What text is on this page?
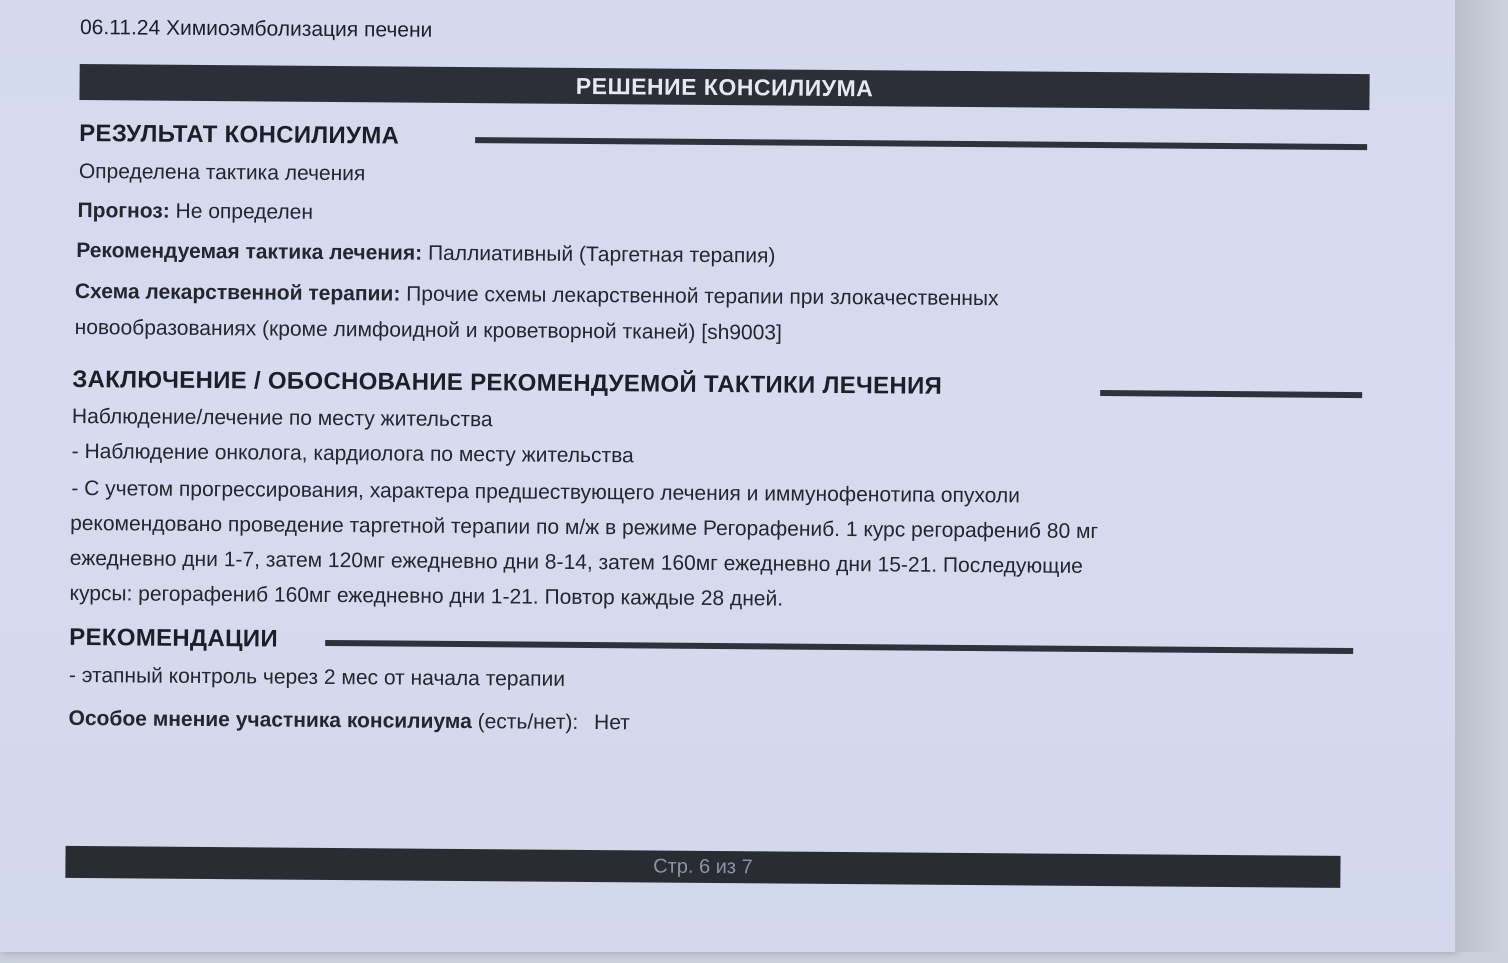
06.11.24 Химиоэмболизация печени
РЕШЕНИЕ КОНСИЛИУМА
РЕЗУЛЬТАТ КОНСИЛИУМА
Определена тактика лечения
Прогноз: Не определен
Рекомендуемая тактика лечения: Паллиативный (Таргетная терапия)
Схема лекарственной терапии: Прочие схемы лекарственной терапии при злокачественных
новообразованиях (кроме лимфоидной и кроветворной тканей) [sh9003]
ЗАКЛЮЧЕНИЕ / ОБОСНОВАНИЕ РЕКОМЕНДУЕМОЙ ТАКТИКИ ЛЕЧЕНИЯ
Наблюдение/лечение по месту жительства
- Наблюдение онколога, кардиолога по месту жительства
- С учетом прогрессирования, характера предшествующего лечения и иммунофенотипа опухоли
рекомендовано проведение таргетной терапии по м/ж в режиме Регорафениб. 1 курс регорафениб 80 мг
ежедневно дни 1-7, затем 120мг ежедневно дни 8-14, затем 160мг ежедневно дни 15-21. Последующие
курсы: регорафениб 160мг ежедневно дни 1-21. Повтор каждые 28 дней.
РЕКОМЕНДАЦИИ
- этапный контроль через 2 мес от начала терапии
Особое мнение участника консилиума (есть/нет): Нет
Стр. 6 из 7
